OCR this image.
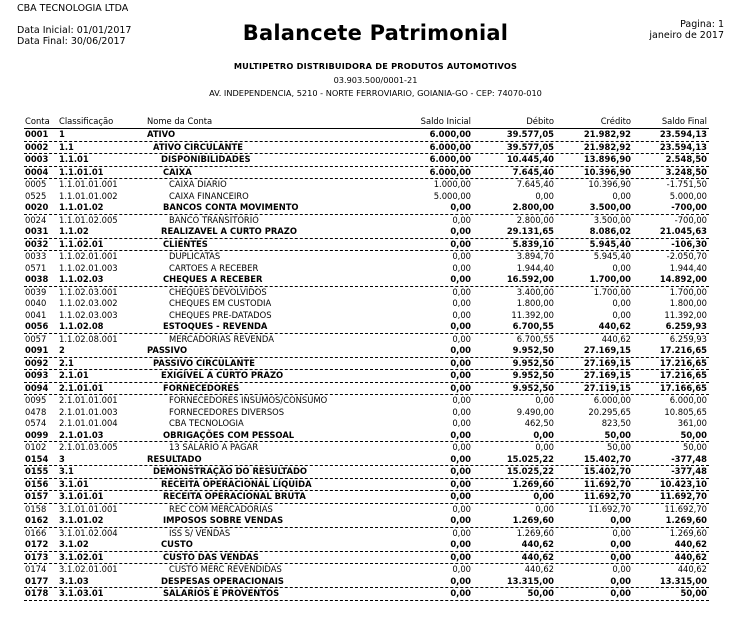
CBA TECNOLOGIA LTDA
Data Inicial: 01/01/2017
Data Final: 30/06/2017	Balancete Patrimonial	Pagina: 1
janeiro de 2017
MULTIPETRO DISTRIBUIDORA DE PRODUTOS AUTOMOTIVOS
03.903.500/0001-21
AV. INDEPENDENCIA, 5210 - NORTE FERROVIARIO, GOIANIA-GO - CEP: 74070-010
Conta Classificação	Nome da Conta	Saldo Inicial	Débito	Crédito	Saldo Final
0001 1	ATIVO	6.000,00	39.577,05	21.982,92	23.594,13
0002 1.1	ATIVO CIRCULANTE	6.000,00	39.577,05	21.982,92	23.594,13
0003 1.1.01	DISPONIBILIDADES	6.000,00	10.445,40	13.896,90	2.548,50
0004 1.1.01.01	CAIXA	6.000,00	7.645,40	10.396,90	3.248,50
0005 1.1.01.01.001	CAIXA DIARIO	1.000,00	7.645,40	10.396,90	-1.751,50
0525 1.1.01.01.002	CAIXA FINANCEIRO	5.000,00	0,00	0,00	5.000,00
0020 1.1.01.02	BANCOS CONTA MOVIMENTO	0,00	2.800,00	3.500,00	-700,00
0024 1.1.01.02.005	BANCO TRANSITORIO	0,00	2.800,00	3.500,00	-700,00
0031 1.1.02	REALIZAVEL A CURTO PRAZO	0,00	29.131,65	8.086,02	21.045,63
0032 1.1.02.01	CLIENTES	0,00	5.839,10	5.945,40	-106,30
0033 1.1.02.01.001	DUPLICATAS	0,00	3.894,70	5.945,40	-2.050,70
0571 1.1.02.01.003	CARTOES A RECEBER	0,00	1.944,40	0,00	1.944,40
0038 1.1.02.03	CHEQUES A RECEBER	0,00	16.592,00	1.700,00	14.892,00
0039 1.1.02.03.001	CHEQUES DEVOLVIDOS	0,00	3.400,00	1.700,00	1.700,00
0040 1.1.02.03.002	CHEQUES EM CUSTODIA	0,00	1.800,00	0,00	1.800,00
0041 1.1.02.03.003	CHEQUES PRE-DATADOS	0,00	11.392,00	0,00	11.392,00
0056 1.1.02.08	ESTOQUES - REVENDA	0,00	6.700,55	440,62	6.259,93
0057 1.1.02.08.001	MERCADORIAS REVENDA	0,00	6.700,55	440,62	6.259,93
0091 2	PASSIVO	0,00	9.952,50	27.169,15	17.216,65
0092 2.1	PASSIVO CIRCULANTE	0,00	9.952,50	27.169,15	17.216,65
0093 2.1.01	EXIGÍVEL A CURTO PRAZO	0,00	9.952,50	27.169,15	17.216,65
0094 2.1.01.01	FORNECEDORES	0,00	9.952,50	27.119,15	17.166,65
0095 2.1.01.01.001	FORNECEDORES INSUMOS/CONSUMO	0,00	0,00	6.000,00	6.000,00
0478 2.1.01.01.003	FORNECEDORES DIVERSOS	0,00	9.490,00	20.295,65	10.805,65
0574 2.1.01.01.004	CBA TECNOLOGIA	0,00	462,50	823,50	361,00
0099 2.1.01.03	OBRIGAÇÕES COM PESSOAL	0,00	0,00	50,00	50,00
0102 2.1.01.03.005	13 SALARIO A PAGAR	0,00	0,00	50,00	50,00
0154 3	RESULTADO	0,00	15.025,22	15.402,70	-377,48
0155 3.1	DEMONSTRAÇÃO DO RESULTADO	0,00	15.025,22	15.402,70	-377,48
0156 3.1.01	RECEITA OPERACIONAL LÍQUIDA	0,00	1.269,60	11.692,70	10.423,10
0157 3.1.01.01	RECEITA OPERACIONAL BRUTA	0,00	0,00	11.692,70	11.692,70
0158 3.1.01.01.001	REC COM MERCADORIAS	0,00	0,00	11.692,70	11.692,70
0162 3.1.01.02	IMPOSOS SOBRE VENDAS	0,00	1.269,60	0,00	1.269,60
0166 3.1.01.02.004	ISS S/ VENDAS	0,00	1.269,60	0,00	1.269,60
0172 3.1.02	CUSTO	0,00	440,62	0,00	440,62
0173 3.1.02.01	CUSTO DAS VENDAS	0,00	440,62	0,00	440,62
0174 3.1.02.01.001	CUSTO MERC REVENDIDAS	0,00	440,62	0,00	440,62
0177 3.1.03	DESPESAS OPERACIONAIS	0,00	13.315,00	0,00	13.315,00
0178 3.1.03.01	SALARIOS E PROVENTOS	0,00	50,00	0,00	50,00
